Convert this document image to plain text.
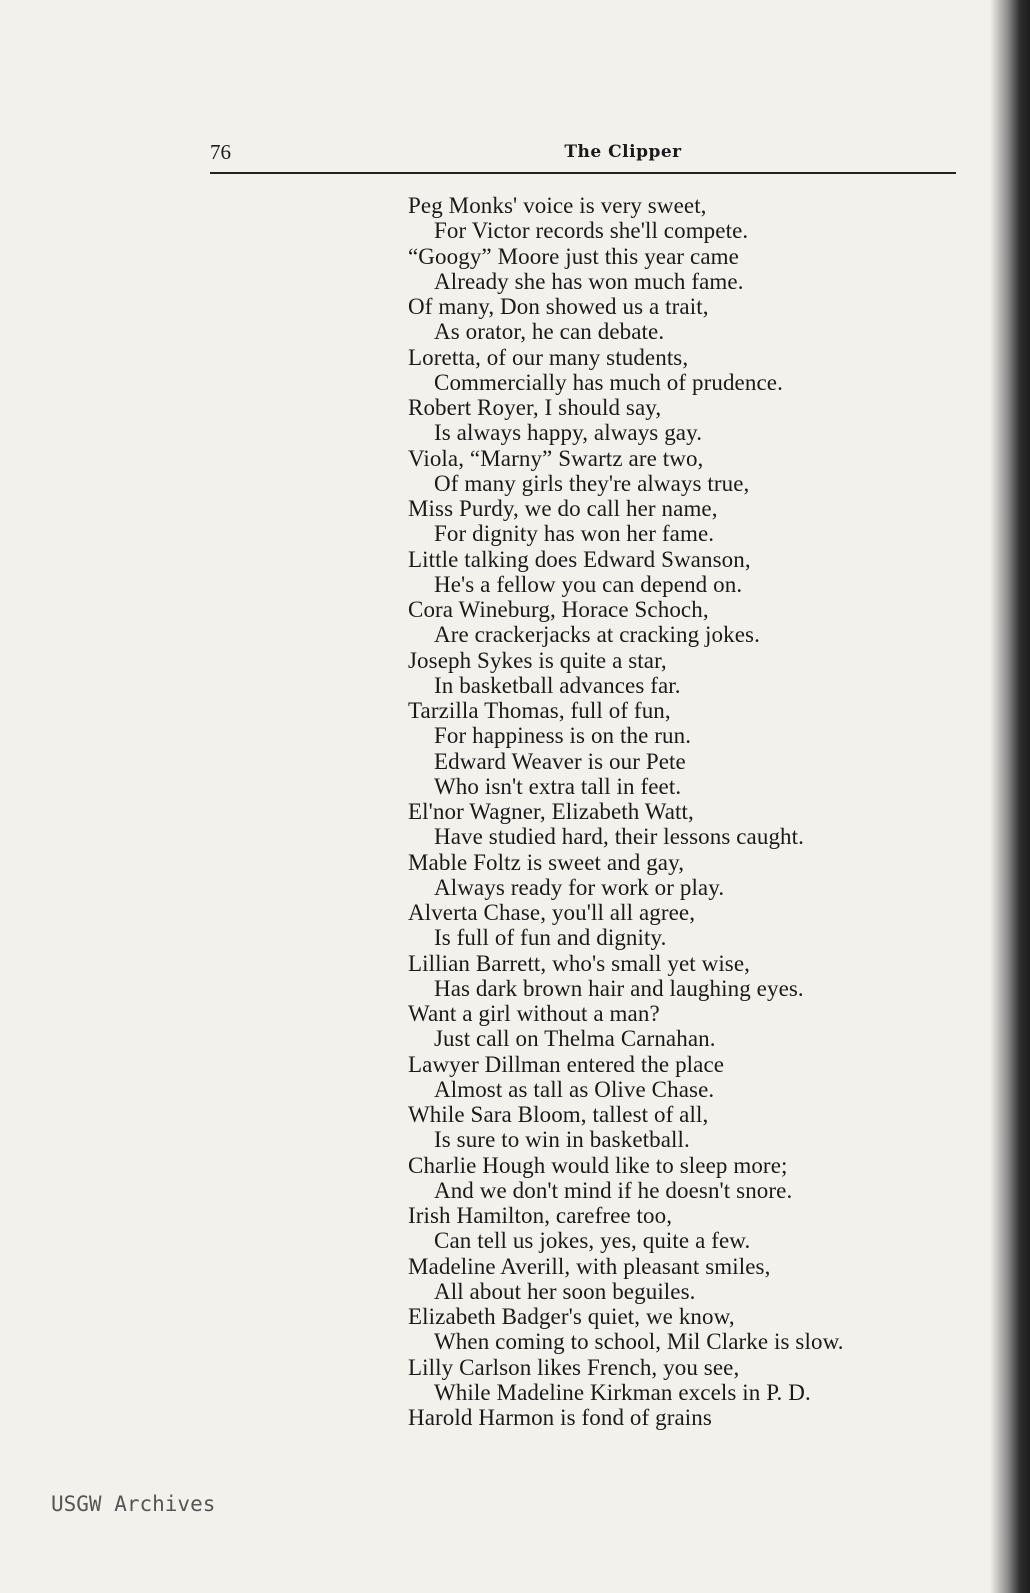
76	The Clipper
Peg Monks' voice is very sweet,
For Victor records she'll compete.
“Googy” Moore just this year came
Already she has won much fame.
Of many, Don showed us a trait,
As orator, he can debate.
Loretta, of our many students,
Commercially has much of prudence.
Robert Royer, I should say,
Is always happy, always gay.
Viola, “Marny” Swartz are two,
Of many girls they're always true,
Miss Purdy, we do call her name,
For dignity has won her fame.
Little talking does Edward Swanson,
He's a fellow you can depend on.
Cora Wineburg, Horace Schoch,
Are crackerjacks at cracking jokes.
Joseph Sykes is quite a star,
In basketball advances far.
Tarzilla Thomas, full of fun,
For happiness is on the run.
Edward Weaver is our Pete
Who isn't extra tall in feet.
El'nor Wagner, Elizabeth Watt,
Have studied hard, their lessons caught.
Mable Foltz is sweet and gay,
Always ready for work or play.
Alverta Chase, you'll all agree,
Is full of fun and dignity.
Lillian Barrett, who's small yet wise,
Has dark brown hair and laughing eyes.
Want a girl without a man?
Just call on Thelma Carnahan.
Lawyer Dillman entered the place
Almost as tall as Olive Chase.
While Sara Bloom, tallest of all,
Is sure to win in basketball.
Charlie Hough would like to sleep more;
And we don't mind if he doesn't snore.
Irish Hamilton, carefree too,
Can tell us jokes, yes, quite a few.
Madeline Averill, with pleasant smiles,
All about her soon beguiles.
Elizabeth Badger's quiet, we know,
When coming to school, Mil Clarke is slow.
Lilly Carlson likes French, you see,
While Madeline Kirkman excels in P. D.
Harold Harmon is fond of grains
USGW Archives
